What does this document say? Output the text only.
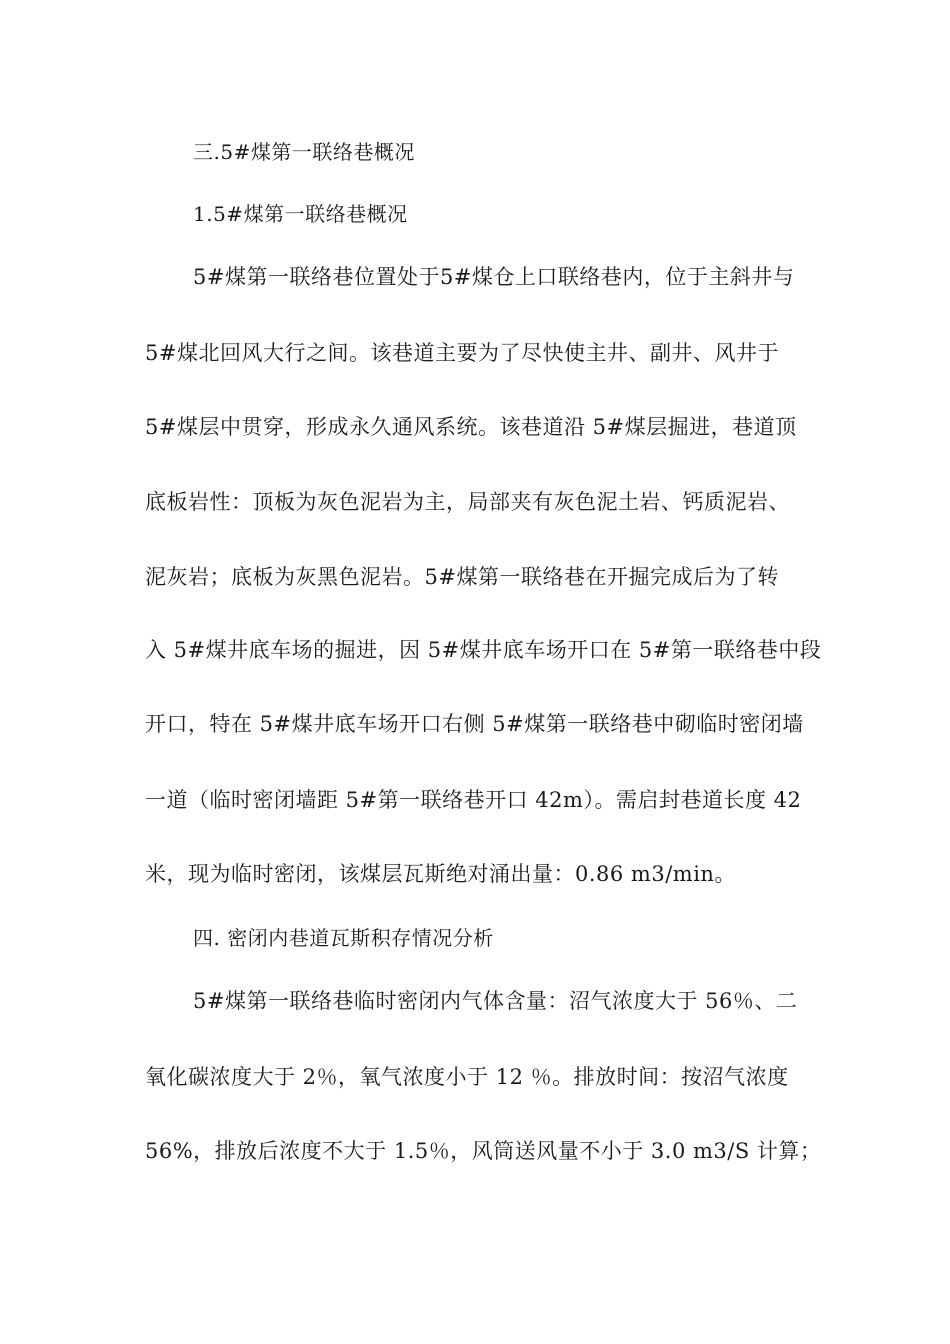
三.5#煤第一联络巷概况
1.5#煤第一联络巷概况
5#煤第一联络巷位置处于5#煤仓上口联络巷内，位于主斜井与
5#煤北回风大行之间。该巷道主要为了尽快使主井、副井、风井于
5#煤层中贯穿，形成永久通风系统。该巷道沿 5#煤层掘进，巷道顶
底板岩性：顶板为灰色泥岩为主，局部夹有灰色泥土岩、钙质泥岩、
泥灰岩；底板为灰黑色泥岩。5#煤第一联络巷在开掘完成后为了转
入 5#煤井底车场的掘进，因 5#煤井底车场开口在 5#第一联络巷中段
开口，特在 5#煤井底车场开口右侧 5#煤第一联络巷中砌临时密闭墙
一道（临时密闭墙距 5#第一联络巷开口 42m）。需启封巷道长度 42
米，现为临时密闭，该煤层瓦斯绝对涌出量：0.86 m3/min。
四. 密闭内巷道瓦斯积存情况分析
5#煤第一联络巷临时密闭内气体含量：沼气浓度大于 56％、二
氧化碳浓度大于 2％，氧气浓度小于 12 ％。排放时间：按沼气浓度
56%，排放后浓度不大于 1.5％，风筒送风量不小于 3.0 m3/S 计算；
